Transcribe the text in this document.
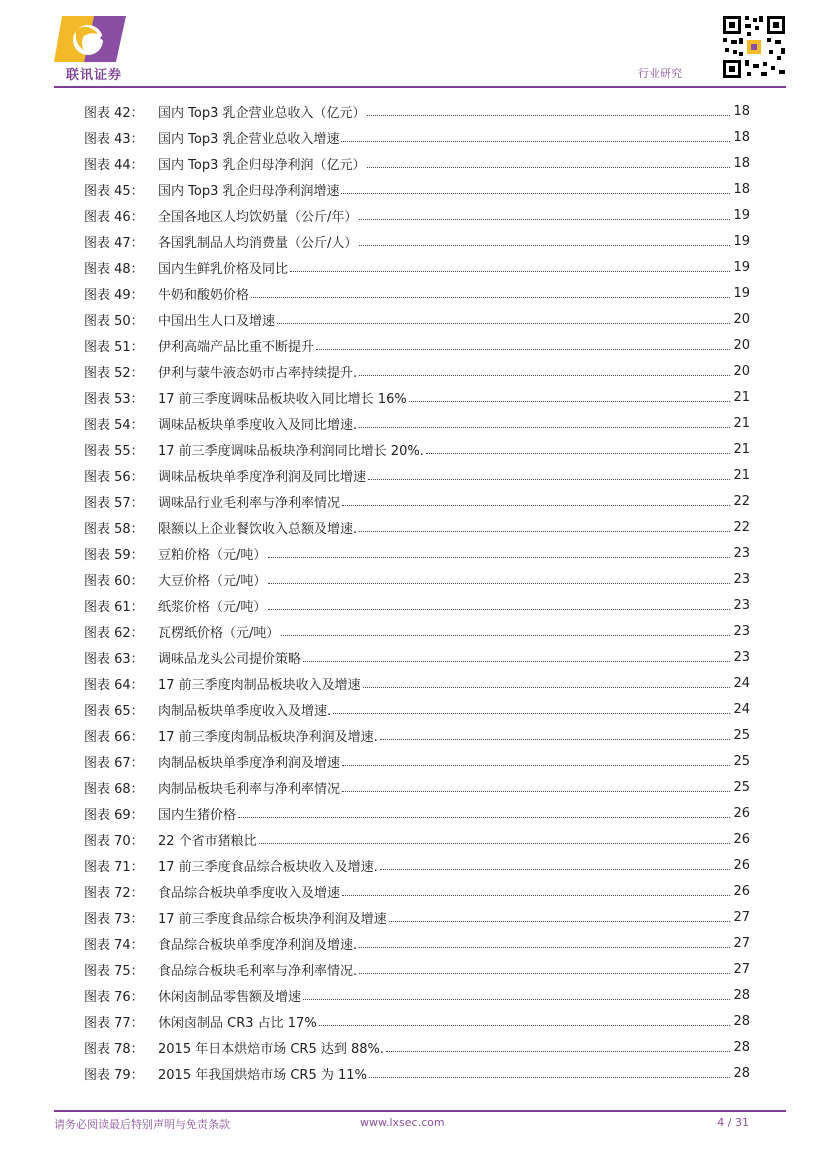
联讯证券	行业研究
图表 42：	国内 Top3 乳企营业总收入（亿元）	18
图表 43：	国内 Top3 乳企营业总收入增速	18
图表 44：	国内 Top3 乳企归母净利润（亿元）	18
图表 45：	国内 Top3 乳企归母净利润增速	18
图表 46：	全国各地区人均饮奶量（公斤/年）	19
图表 47：	各国乳制品人均消费量（公斤/人）	19
图表 48：	国内生鲜乳价格及同比	19
图表 49：	牛奶和酸奶价格	19
图表 50：	中国出生人口及增速	20
图表 51：	伊利高端产品比重不断提升	20
图表 52：	伊利与蒙牛液态奶市占率持续提升.	20
图表 53：	17 前三季度调味品板块收入同比增长 16%	21
图表 54：	调味品板块单季度收入及同比增速.	21
图表 55：	17 前三季度调味品板块净利润同比增长 20%.	21
图表 56：	调味品板块单季度净利润及同比增速	21
图表 57：	调味品行业毛利率与净利率情况	22
图表 58：	限额以上企业餐饮收入总额及增速.	22
图表 59：	豆粕价格（元/吨）	23
图表 60：	大豆价格（元/吨）	23
图表 61：	纸浆价格（元/吨）	23
图表 62：	瓦楞纸价格（元/吨）	23
图表 63：	调味品龙头公司提价策略	23
图表 64：	17 前三季度肉制品板块收入及增速	24
图表 65：	肉制品板块单季度收入及增速.	24
图表 66：	17 前三季度肉制品板块净利润及增速.	25
图表 67：	肉制品板块单季度净利润及增速	25
图表 68：	肉制品板块毛利率与净利率情况	25
图表 69：	国内生猪价格	26
图表 70：	22 个省市猪粮比	26
图表 71：	17 前三季度食品综合板块收入及增速.	26
图表 72：	食品综合板块单季度收入及增速	26
图表 73：	17 前三季度食品综合板块净利润及增速	27
图表 74：	食品综合板块单季度净利润及增速.	27
图表 75：	食品综合板块毛利率与净利率情况.	27
图表 76：	休闲卤制品零售额及增速	28
图表 77：	休闲卤制品 CR3 占比 17%	28
图表 78：	2015 年日本烘焙市场 CR5 达到 88%.	28
图表 79：	2015 年我国烘焙市场 CR5 为 11%	28
请务必阅读最后特别声明与免责条款	www.lxsec.com	4 / 31
